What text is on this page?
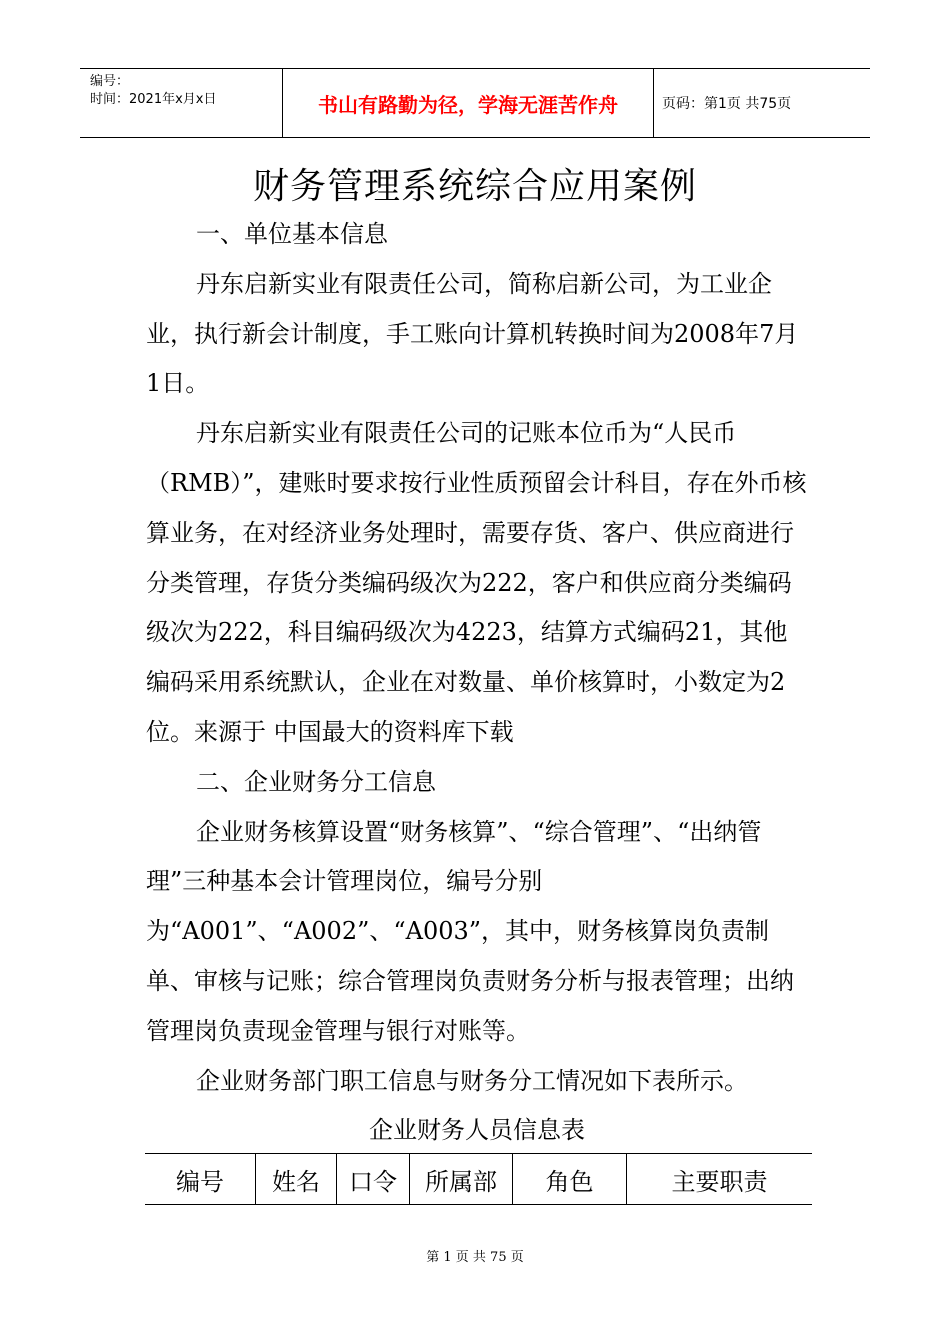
编号：
时间：2021年x月x日	书山有路勤为径，学海无涯苦作舟	页码：第1页 共75页
财务管理系统综合应用案例

一、单位基本信息

丹东启新实业有限责任公司，简称启新公司，为工业企业，执行新会计制度，手工账向计算机转换时间为2008年7月1日。

丹东启新实业有限责任公司的记账本位币为“人民币（RMB）”，建账时要求按行业性质预留会计科目，存在外币核算业务，在对经济业务处理时，需要存货、客户、供应商进行分类管理，存货分类编码级次为222，客户和供应商分类编码级次为222，科目编码级次为4223，结算方式编码21，其他编码采用系统默认，企业在对数量、单价核算时，小数定为2位。来源于 中国最大的资料库下载

二、企业财务分工信息

企业财务核算设置“财务核算”、“综合管理”、“出纳管理”三种基本会计管理岗位，编号分别为“A001”、“A002”、“A003”，其中，财务核算岗负责制单、审核与记账；综合管理岗负责财务分析与报表管理；出纳管理岗负责现金管理与银行对账等。

企业财务部门职工信息与财务分工情况如下表所示。

企业财务人员信息表

编号	姓名	口令	所属部	角色	主要职责
第 1 页 共 75 页
